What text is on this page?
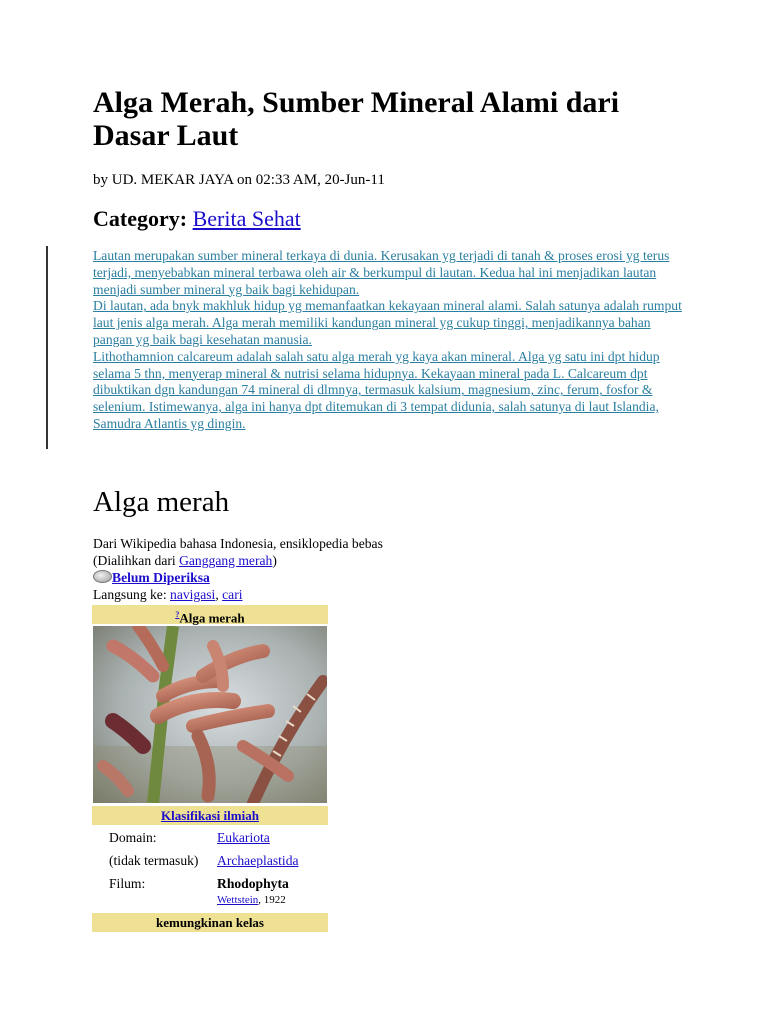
Alga Merah, Sumber Mineral Alami dari Dasar Laut
by UD. MEKAR JAYA on 02:33 AM, 20-Jun-11
Category: Berita Sehat

Lautan merupakan sumber mineral terkaya di dunia. Kerusakan yg terjadi di tanah & proses erosi yg terus terjadi, menyebabkan mineral terbawa oleh air & berkumpul di lautan. Kedua hal ini menjadikan lautan menjadi sumber mineral yg baik bagi kehidupan.

Di lautan, ada bnyk makhluk hidup yg memanfaatkan kekayaan mineral alami. Salah satunya adalah rumput laut jenis alga merah. Alga merah memiliki kandungan mineral yg cukup tinggi, menjadikannya bahan pangan yg baik bagi kesehatan manusia.

Lithothamnion calcareum adalah salah satu alga merah yg kaya akan mineral. Alga yg satu ini dpt hidup selama 5 thn, menyerap mineral & nutrisi selama hidupnya. Kekayaan mineral pada L. Calcareum dpt dibuktikan dgn kandungan 74 mineral di dlmnya, termasuk kalsium, magnesium, zinc, ferum, fosfor & selenium. Istimewanya, alga ini hanya dpt ditemukan di 3 tempat didunia, salah satunya di laut Islandia, Samudra Atlantis yg dingin.

Alga merah
Dari Wikipedia bahasa Indonesia, ensiklopedia bebas
(Dialihkan dari Ganggang merah)
Belum Diperiksa
Langsung ke: navigasi, cari
?Alga merah
Klasifikasi ilmiah
Domain:	Eukariota
(tidak termasuk) Archaeplastida
Filum:	Rhodophyta
Wettstein, 1922
kemungkinan kelas
